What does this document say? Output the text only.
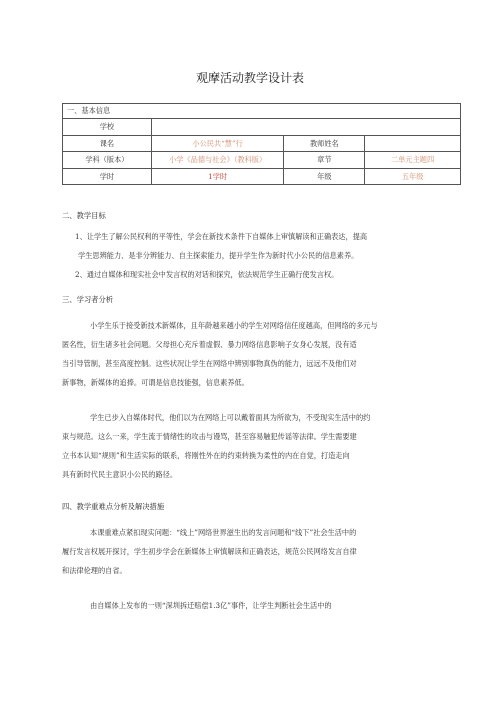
观摩活动教学设计表
一、基本信息			
学校			
课名	小公民共“慧”行	教师姓名	
学科（版本）	小学《品德与社会》（教科版）	章节	二单元主题四
学时	1学时	年级	五年级
二、教学目标
1、让学生了解公民权利的平等性，学会在新技术条件下自媒体上审慎解读和正确表达，提高
学生思辨能力、是非分辨能力、自主探索能力，提升学生作为新时代小公民的信息素养。
2、通过自媒体和现实社会中发言权的对话和探究，依法规范学生正确行使发言权。
三、学习者分析
小学生乐于接受新技术新媒体，且年龄越来越小的学生对网络信任度越高，但网络的多元与
匿名性，衍生诸多社会问题。父母担心充斥着虚假、暴力网络信息影响子女身心发展，没有适
当引导管制，甚至高度控制。这些状况让学生在网络中辨别事物真伪的能力，远远不及他们对
新事物，新媒体的追捧。可谓是信息技能强，信息素养低。
学生已步入自媒体时代，他们以为在网络上可以戴着面具为所欲为，不受现实生活中的约
束与规范。这么一来，学生流于情绪性的攻击与谩骂，甚至容易触犯传谣等法律。学生需要建
立书本认知“规则”和生活实际的联系，将刚性外在的约束转换为柔性的内在自觉，打造走向
具有新时代民主意识小公民的路径。
四、教学重难点分析及解决措施
本课重难点紧扣现实问题：“线上”网络世界滋生出的发言问题和“线下”社会生活中的
履行发言权展开探讨，学生初步学会在新媒体上审慎解读和正确表达，规范公民网络发言自律
和法律伦理的自省。
由自媒体上发布的一则“深圳拆迁赔偿1.3亿”事件，让学生判断社会生活中的
